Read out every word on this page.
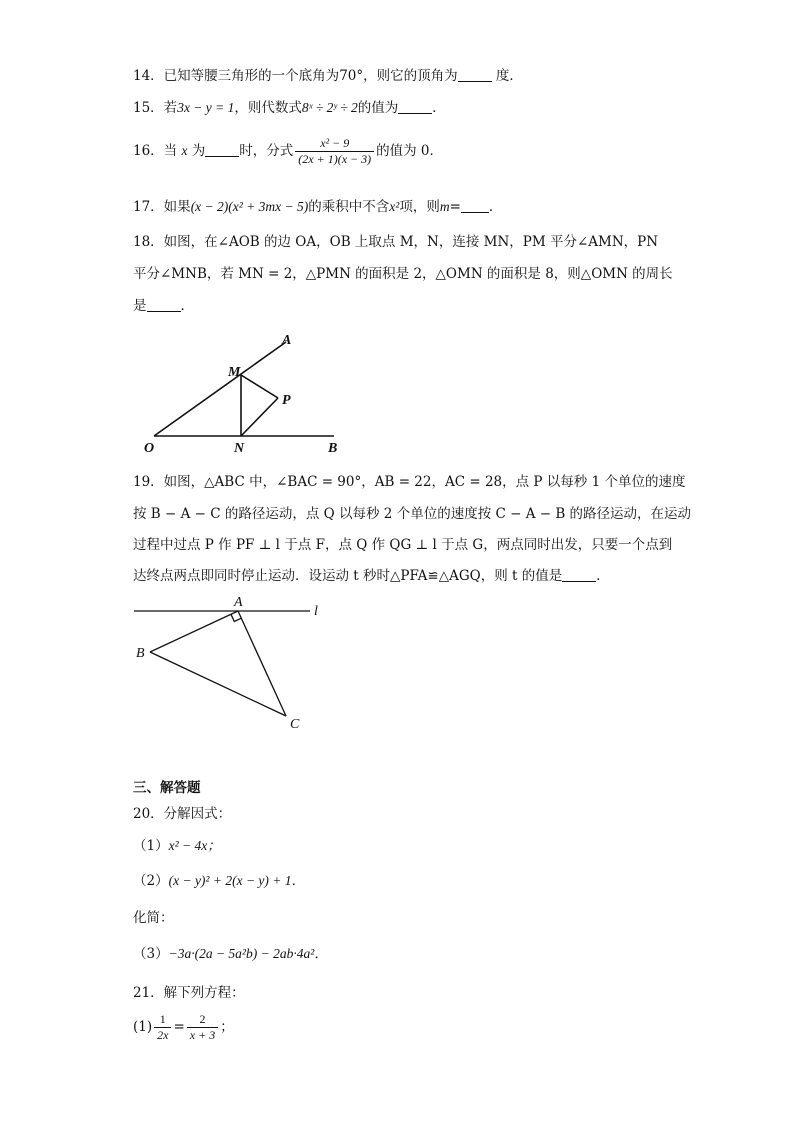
14．已知等腰三角形的一个底角为70°，则它的顶角为	度．
15．若3x − y = 1，则代数式8ˣ ÷ 2ʸ ÷ 2的值为	．
16．当 x 为	时，分式 $\frac{\text{x² − 9}}{(2x + 1)(x - 3)}$ 的值为 0．
17．如果(x − 2)(x² + 3mx − 5)的乘积中不含x²项，则m= ．
18．如图，在∠AOB 的边 OA，OB 上取点 M，N，连接 MN，PM 平分∠AMN，PN
平分∠MNB，若 MN = 2，△PMN 的面积是 2，△OMN 的面积是 8，则△OMN 的周长
是	．
A
M
P
O	N	B
19．如图，△ABC 中，∠BAC = 90°，AB = 22，AC = 28，点 P 以每秒 1 个单位的速度
按 B − A − C 的路径运动，点 Q 以每秒 2 个单位的速度按 C − A − B 的路径运动，在运动
过程中过点 P 作 PF ⊥ l 于点 F，点 Q 作 QG ⊥ l 于点 G，两点同时出发，只要一个点到
达终点两点即同时停止运动．设运动 t 秒时△PFA≌△AGQ，则 t 的值是	．
A
l
B
C
三、解答题
20．分解因式：
（1）x² − 4x；
（2）(x − y)² + 2(x − y) + 1．
化简：
（3）−3a·(2a − 5a²b) − 2ab·4a²．
21．解下列方程：
$(1) \frac{1}{2x} = \frac{2}{x + 3}$ ；
